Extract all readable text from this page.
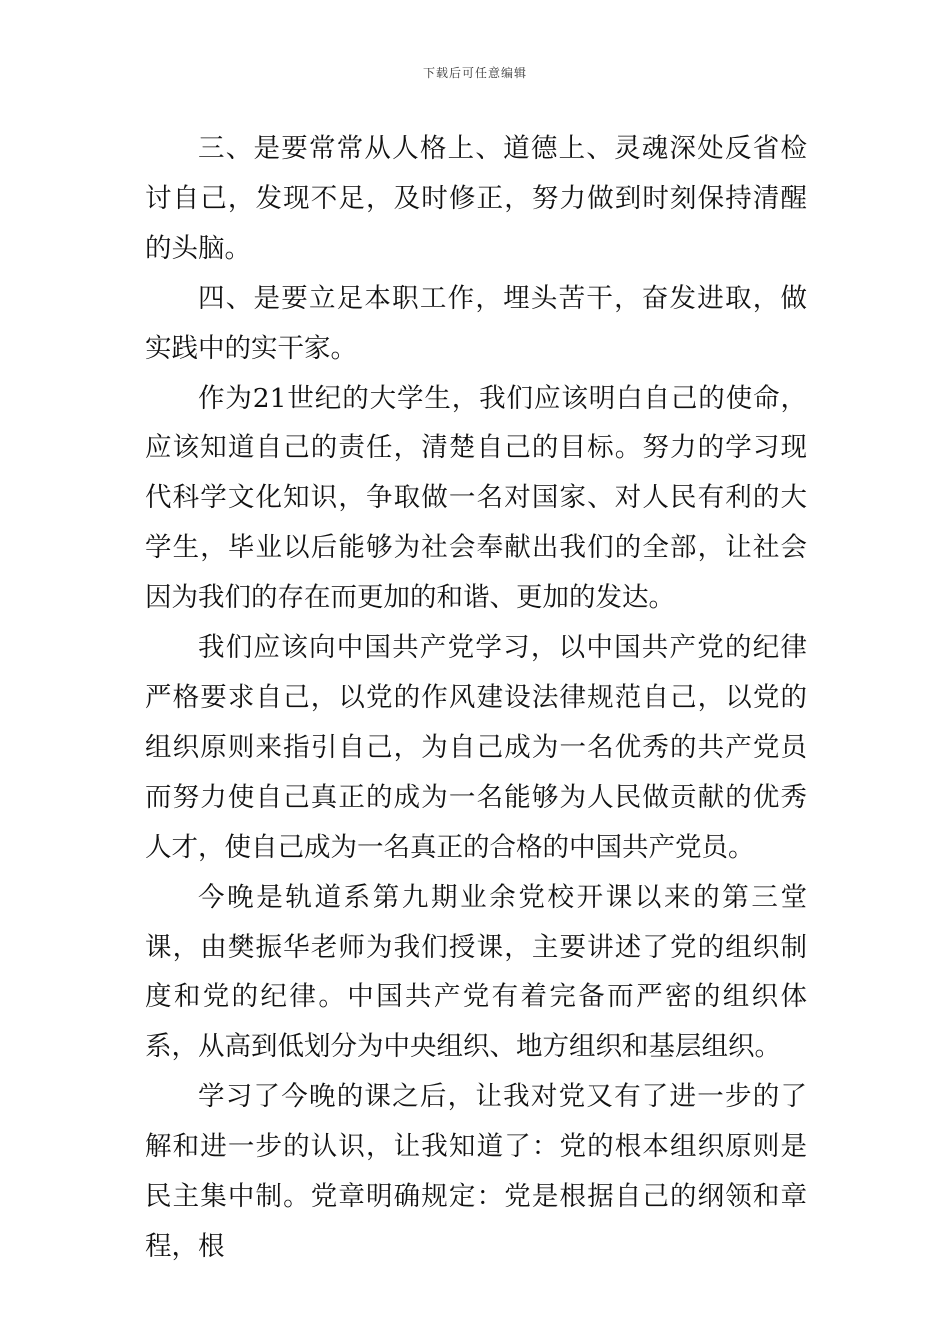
下载后可任意编辑

三、是要常常从人格上、道德上、灵魂深处反省检讨自己，发现不足，及时修正，努力做到时刻保持清醒的头脑。

四、是要立足本职工作，埋头苦干，奋发进取，做实践中的实干家。

作为21世纪的大学生，我们应该明白自己的使命，应该知道自己的责任，清楚自己的目标。努力的学习现代科学文化知识，争取做一名对国家、对人民有利的大学生，毕业以后能够为社会奉献出我们的全部，让社会因为我们的存在而更加的和谐、更加的发达。

我们应该向中国共产党学习，以中国共产党的纪律严格要求自己，以党的作风建设法律规范自己，以党的组织原则来指引自己，为自己成为一名优秀的共产党员而努力使自己真正的成为一名能够为人民做贡献的优秀人才，使自己成为一名真正的合格的中国共产党员。

今晚是轨道系第九期业余党校开课以来的第三堂课，由樊振华老师为我们授课，主要讲述了党的组织制度和党的纪律。中国共产党有着完备而严密的组织体系，从高到低划分为中央组织、地方组织和基层组织。

学习了今晚的课之后，让我对党又有了进一步的了解和进一步的认识，让我知道了：党的根本组织原则是民主集中制。党章明确规定：党是根据自己的纲领和章程，根
